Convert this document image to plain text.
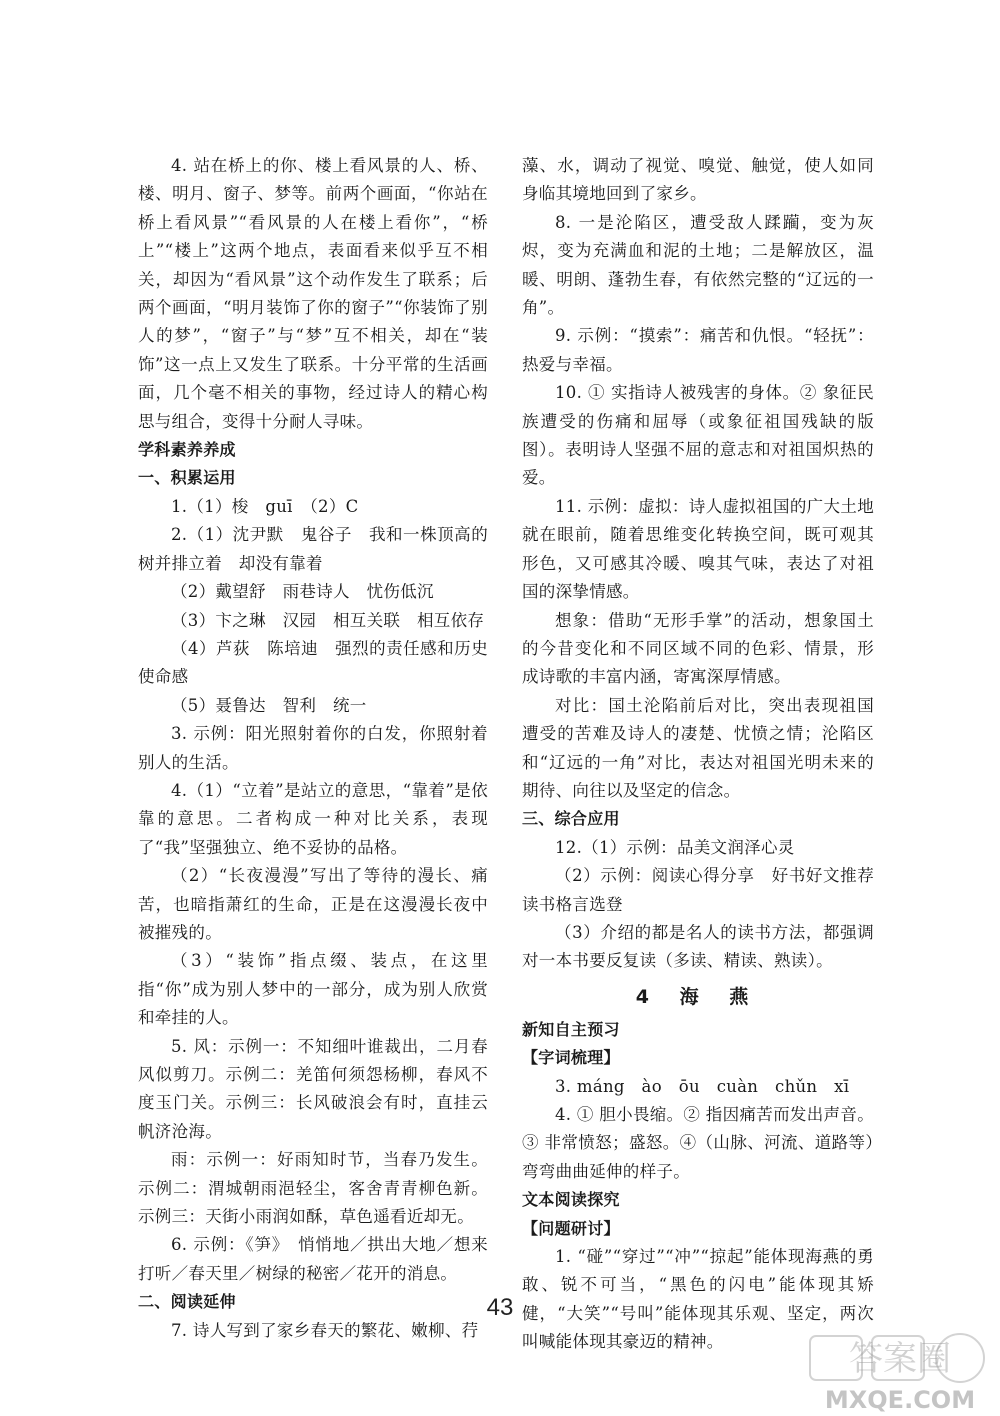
4. 站在桥上的你、楼上看风景的人、桥、楼、明月、窗子、梦等。前两个画面，“你站在桥上看风景”“看风景的人在楼上看你”，“桥上”“楼上”这两个地点，表面看来似乎互不相关，却因为“看风景”这个动作发生了联系；后两个画面，“明月装饰了你的窗子”“你装饰了别人的梦”，“窗子”与“梦”互不相关，却在“装饰”这一点上又发生了联系。十分平常的生活画面，几个毫不相关的事物，经过诗人的精心构思与组合，变得十分耐人寻味。

学科素养养成

一、积累运用

1.（1）梭　guī　（2）C

2.（1）沈尹默　鬼谷子　我和一株顶高的树并排立着　却没有靠着

（2）戴望舒　雨巷诗人　忧伤低沉

（3）卞之琳　汉园　相互关联　相互依存

（4）芦荻　陈培迪　强烈的责任感和历史使命感

（5）聂鲁达　智利　统一

3. 示例：阳光照射着你的白发，你照射着别人的生活。

4.（1）“立着”是站立的意思，“靠着”是依靠的意思。二者构成一种对比关系，表现了“我”坚强独立、绝不妥协的品格。

（2）“长夜漫漫”写出了等待的漫长、痛苦，也暗指萧红的生命，正是在这漫漫长夜中被摧残的。

（3）“装饰”指点缀、装点，在这里指“你”成为别人梦中的一部分，成为别人欣赏和牵挂的人。

5. 风：示例一：不知细叶谁裁出，二月春风似剪刀。示例二：羌笛何须怨杨柳，春风不度玉门关。示例三：长风破浪会有时，直挂云帆济沧海。

雨：示例一：好雨知时节，当春乃发生。示例二：渭城朝雨浥轻尘，客舍青青柳色新。示例三：天街小雨润如酥，草色遥看近却无。

6. 示例：《笋》　悄悄地／拱出大地／想来打听／春天里／树绿的秘密／花开的消息。

二、阅读延伸

7. 诗人写到了家乡春天的繁花、嫩柳、荇

藻、水，调动了视觉、嗅觉、触觉，使人如同身临其境地回到了家乡。

8. 一是沦陷区，遭受敌人蹂躏，变为灰烬，变为充满血和泥的土地；二是解放区，温暖、明朗、蓬勃生春，有依然完整的“辽远的一角”。

9. 示例：“摸索”：痛苦和仇恨。“轻抚”：热爱与幸福。

10. ① 实指诗人被残害的身体。② 象征民族遭受的伤痛和屈辱（或象征祖国残缺的版图）。表明诗人坚强不屈的意志和对祖国炽热的爱。

11. 示例：虚拟：诗人虚拟祖国的广大土地就在眼前，随着思维变化转换空间，既可观其形色，又可感其冷暖、嗅其气味，表达了对祖国的深挚情感。

想象：借助“无形手掌”的活动，想象国土的今昔变化和不同区域不同的色彩、情景，形成诗歌的丰富内涵，寄寓深厚情感。

对比：国土沦陷前后对比，突出表现祖国遭受的苦难及诗人的凄楚、忧愤之情；沦陷区和“辽远的一角”对比，表达对祖国光明未来的期待、向往以及坚定的信念。

三、综合应用

12.（1）示例：品美文润泽心灵

（2）示例：阅读心得分享　好书好文推荐　读书格言选登

（3）介绍的都是名人的读书方法，都强调对一本书要反复读（多读、精读、熟读）。

4 海 燕

新知自主预习

【字词梳理】

3. máng　ào　ōu　cuàn　chǔn　xī

4. ① 胆小畏缩。② 指因痛苦而发出声音。③ 非常愤怒；盛怒。④（山脉、河流、道路等）弯弯曲曲延伸的样子。

文本阅读探究

【问题研讨】

1. “碰”“穿过”“冲”“掠起”能体现海燕的勇敢、锐不可当，“黑色的闪电”能体现其矫健，“大笑”“号叫”能体现其乐观、坚定，两次叫喊能体现其豪迈的精神。

43
答案圈
MXQE.COM
